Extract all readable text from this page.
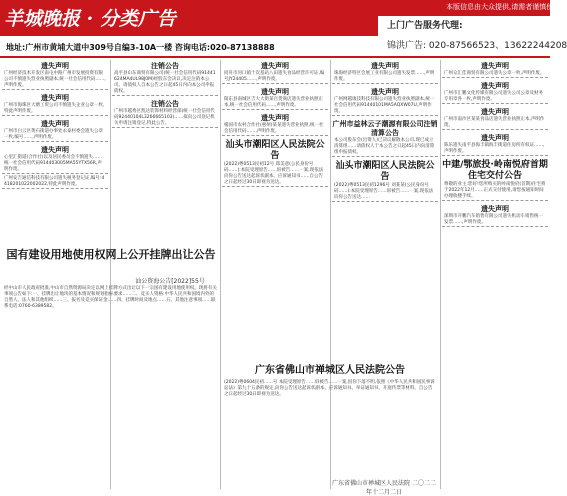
羊城晚报 · 分类广告
本版信息由大众提供,请需者谨慎使用!
上门广告服务代理:
锦洪广告: 020-87566523、13622244208
地址:广州市黄埔大道中309号自编3-10A一楼 咨询电话:020-87138888
遗失声明
广州经济技术开发区南屯中路广州市发展投资有限公司不慎遗失营业执照副本,统一社会信用代码……,声明作废。
遗失声明
广州市海珠区大塘工贸公司不慎遗失企业公章一枚,特此声明作废。
遗失声明
广州市白云区黄石街道办事处永泰村委会遗失公章一枚,编号……,声明作废。
遗失声明
心里汇街道(合作社)以及居民委员会不慎遗失……统一社会信用代码914403005MA55YTX56R,声明作废。
广州安吉通信科技有限公司遗失税务登记证,编号:4418201022002022,特此声明作废。
注销公告
高平县山东商贸有限公司(统一社会信用代码91441624MA4UL98J0M)经股东会决议,决定注销本公司。请债权人自本公告之日起45日内向本公司申报债权。
注销公告
广州市越秀区凯达装饰材料经营部(统一社会信用代码92440104L3266665103)……拟向公司登记机关申请注销登记,特此公告。
国有建设用地使用权网上公开挂牌出让公告
汕公资海公告[2022]55号
经中山市人民政府批准,中山市自然资源局决定以网上挂牌方式出让以下一宗国有建设用地使用权。现将有关事项公告如下:一、挂牌出让地块的基本情况和规划指标要求……二、竞买人资格:中华人民共和国境内外的自然人、法人和其他组织……三、报名及竞买保证金……四、挂牌时间及地点……五、其他注意事项……联系电话:0760-6389582。
遗失声明
同舟市河口镇十次基站八田遗失食品经营许可证,编号JY24405……,声明作废。
遗失声明
阳东县南城区吉大大街某百货商店遗失营业执照正本,统一社会信用代码……,声明作废。
遗失声明
楊国市农村合作社(惠州)某某遗失营业执照,统一社会信用代码……,声明作废。
汕头市潮阳区人民法院公告
(2022)粤0513民初12号 郑美意(公民身份号码……):本院受理原告……诉被告……一案,现依法向你公告送达起诉状副本、应诉通知书……自公告之日起经过30日即视为送达。
遗失声明
珠海经济特区会展工业有限公司遗失发票……,声明作废。
遗失声明
广州网越康技科技有限公司遗失营业执照副本,统一社会信用代码91440101MA5AQXW07U,声明作废。
广州市益林云子潮源有限公司注销清算公告
本公司股东会(出资人)已决议解散本公司,现已成立清算组……请债权人于本公告之日起45日内向清算组申报债权。
汕头市潮阳区人民法院公告
(2022)粤0513民初1296号 刘某某(公民身份号码……):本院受理原告……诉被告……一案,现依法向你公告送达……
广东省佛山市禅城区人民法院公告
(2022)粤0604民初……号 本院受理原告……诉被告……一案,因你下落不明,依照《中华人民共和国民事诉讼法》第九十五条的规定,向你公告送达起诉状副本、应诉通知书、举证通知书、开庭传票等材料。自公告之日起经过30日即视为送达。
广东省佛山市禅城区人民法院 二〇二二年十二月二日
遗失声明
广州众汇佳商贸有限公司遗失公章一枚,声明作废。
遗失声明
广州市汇鹏文化传媒有限公司遗失公司公章及财务专用章各一枚,声明作废。
遗失声明
广州市南沙区某某食品店遗失营业执照正本,声明作废。
遗失声明
陈乐遗失南平县海丰镇海丰街道住房所有权证……,声明作废。
中建/鄂旅投·岭南悦府首期住宅交付公告
尊敬的业主:您好!您所购买的岭南悦府(首期)住宅将于2022年12月……正式交付使用,请您按通知时间办理收楼手续。
遗失声明
深圳市开鹏汽车销售有限公司遗失机动车销售统一发票……,声明作废。
